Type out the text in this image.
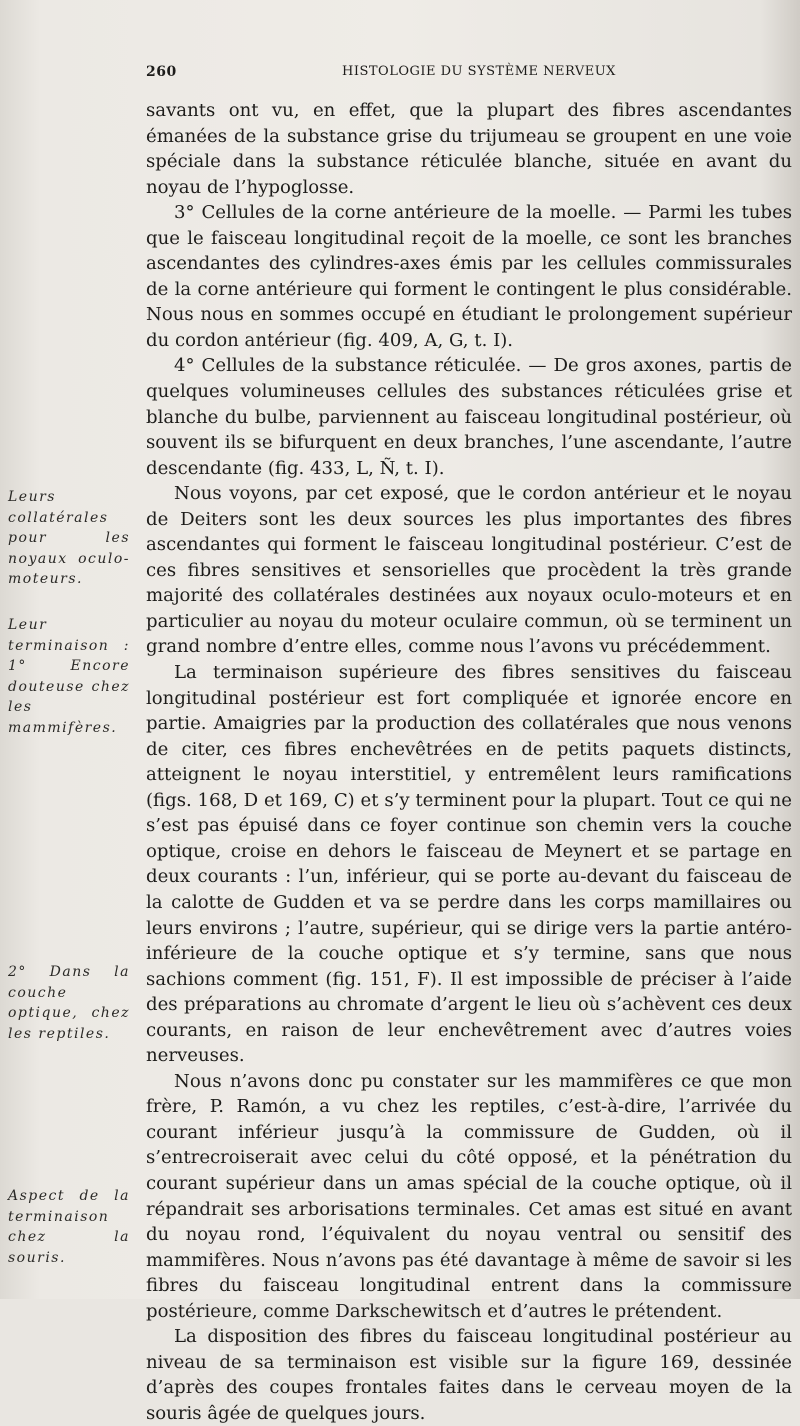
260	HISTOLOGIE DU SYSTÈME NERVEUX

savants ont vu, en effet, que la plupart des fibres ascendantes émanées de la substance grise du trijumeau se groupent en une voie spéciale dans la substance réticulée blanche, située en avant du noyau de l’hypoglosse.

3° Cellules de la corne antérieure de la moelle. — Parmi les tubes que le faisceau longitudinal reçoit de la moelle, ce sont les branches ascendantes des cylindres-axes émis par les cellules commissurales de la corne antérieure qui forment le contingent le plus considérable. Nous nous en sommes occupé en étudiant le prolongement supérieur du cordon antérieur (fig. 409, A, G, t. I).

4° Cellules de la substance réticulée. — De gros axones, partis de quelques volumineuses cellules des substances réticulées grise et blanche du bulbe, parviennent au faisceau longitudinal postérieur, où souvent ils se bifurquent en deux branches, l’une ascendante, l’autre descendante (fig. 433, L, Ñ, t. I).

Nous voyons, par cet exposé, que le cordon antérieur et le noyau de Deiters sont les deux sources les plus importantes des fibres ascendantes qui forment le faisceau longitudinal postérieur. C’est de ces fibres sensitives et sensorielles que procèdent la très grande majorité des collatérales destinées aux noyaux oculo-moteurs et en particulier au noyau du moteur oculaire commun, où se terminent un grand nombre d’entre elles, comme nous l’avons vu précédemment.

La terminaison supérieure des fibres sensitives du faisceau longitudinal postérieur est fort compliquée et ignorée encore en partie. Amaigries par la production des collatérales que nous venons de citer, ces fibres enchevêtrées en de petits paquets distincts, atteignent le noyau interstitiel, y entremêlent leurs ramifications (figs. 168, D et 169, C) et s’y terminent pour la plupart. Tout ce qui ne s’est pas épuisé dans ce foyer continue son chemin vers la couche optique, croise en dehors le faisceau de Meynert et se partage en deux courants : l’un, inférieur, qui se porte au-devant du faisceau de la calotte de Gudden et va se perdre dans les corps mamillaires ou leurs environs ; l’autre, supérieur, qui se dirige vers la partie antéro-inférieure de la couche optique et s’y termine, sans que nous sachions comment (fig. 151, F). Il est impossible de préciser à l’aide des préparations au chromate d’argent le lieu où s’achèvent ces deux courants, en raison de leur enchevêtrement avec d’autres voies nerveuses.

Nous n’avons donc pu constater sur les mammifères ce que mon frère, P. Ramón, a vu chez les reptiles, c’est-à-dire, l’arrivée du courant inférieur jusqu’à la commissure de Gudden, où il s’entrecroiserait avec celui du côté opposé, et la pénétration du courant supérieur dans un amas spécial de la couche optique, où il répandrait ses arborisations terminales. Cet amas est situé en avant du noyau rond, l’équivalent du noyau ventral ou sensitif des mammifères. Nous n’avons pas été davantage à même de savoir si les fibres du faisceau longitudinal entrent dans la commissure postérieure, comme Darkschewitsch et d’autres le prétendent.

La disposition des fibres du faisceau longitudinal postérieur au niveau de sa terminaison est visible sur la figure 169, dessinée d’après des coupes frontales faites dans le cerveau moyen de la souris âgée de quelques jours.

Leurs collatérales pour les noyaux oculo-moteurs.
Leur terminaison : 1° Encore douteuse chez les mammifères.
2° Dans la couche optique, chez les reptiles.
Aspect de la terminaison chez la souris.
